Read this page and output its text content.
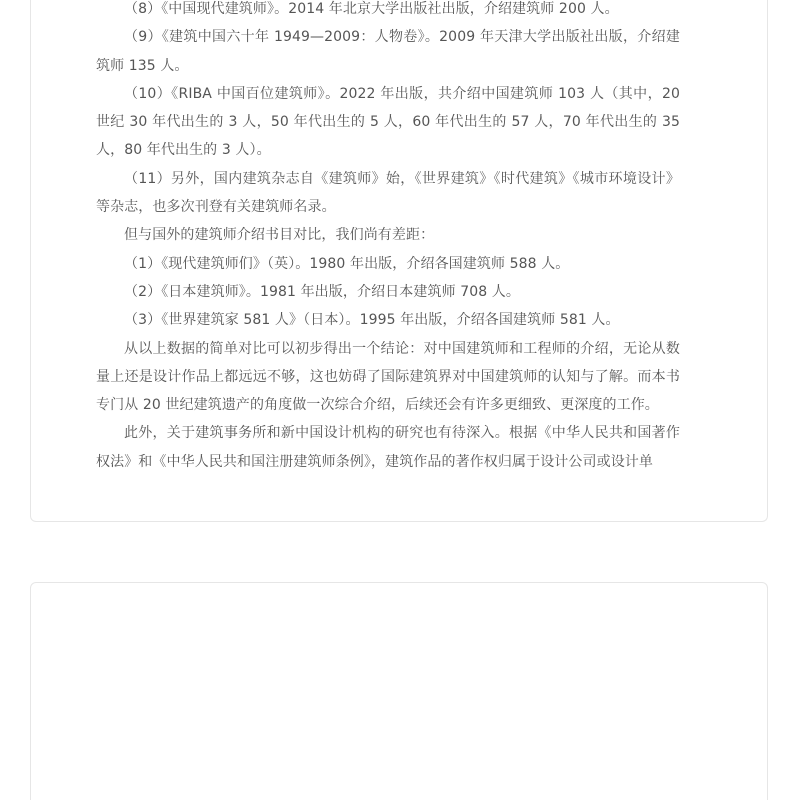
（8）《中国现代建筑师》。2014 年北京大学出版社出版，介绍建筑师 200 人。

（9）《建筑中国六十年 1949—2009：人物卷》。2009 年天津大学出版社出版，介绍建筑师 135 人。

（10）《RIBA 中国百位建筑师》。2022 年出版，共介绍中国建筑师 103 人（其中，20 世纪 30 年代出生的 3 人，50 年代出生的 5 人，60 年代出生的 57 人，70 年代出生的 35 人，80 年代出生的 3 人）。

（11）另外，国内建筑杂志自《建筑师》始，《世界建筑》《时代建筑》《城市环境设计》等杂志，也多次刊登有关建筑师名录。

但与国外的建筑师介绍书目对比，我们尚有差距：

（1）《现代建筑师们》（英）。1980 年出版，介绍各国建筑师 588 人。

（2）《日本建筑师》。1981 年出版，介绍日本建筑师 708 人。

（3）《世界建筑家 581 人》（日本）。1995 年出版，介绍各国建筑师 581 人。

从以上数据的简单对比可以初步得出一个结论：对中国建筑师和工程师的介绍，无论从数量上还是设计作品上都远远不够，这也妨碍了国际建筑界对中国建筑师的认知与了解。而本书专门从 20 世纪建筑遗产的角度做一次综合介绍，后续还会有许多更细致、更深度的工作。

此外，关于建筑事务所和新中国设计机构的研究也有待深入。根据《中华人民共和国著作权法》和《中华人民共和国注册建筑师条例》，建筑作品的著作权归属于设计公司或设计单
